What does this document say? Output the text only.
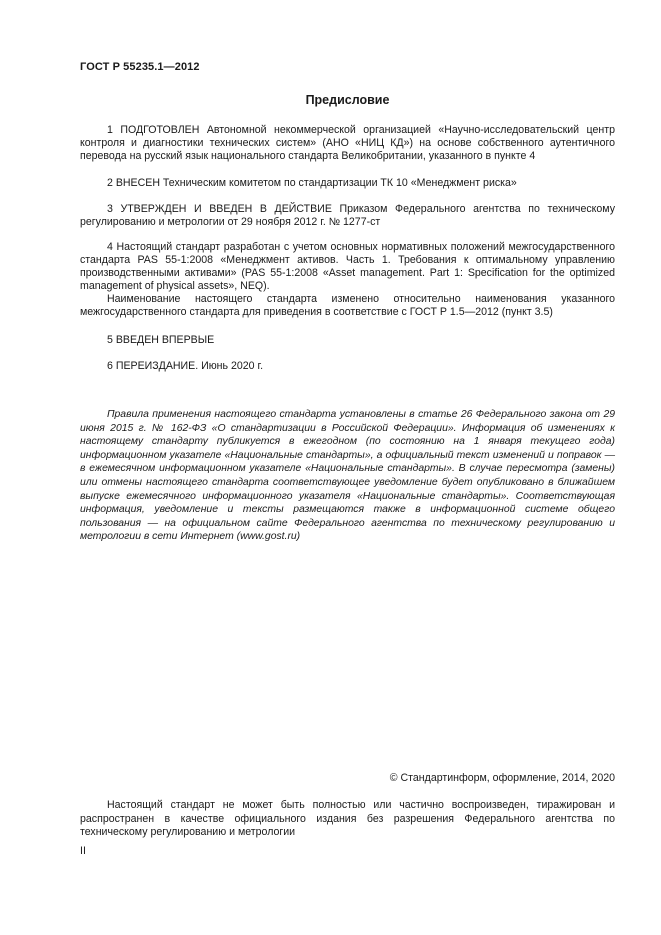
ГОСТ Р 55235.1—2012
Предисловие

1 ПОДГОТОВЛЕН Автономной некоммерческой организацией «Научно-исследовательский центр контроля и диагностики технических систем» (АНО «НИЦ КД») на основе собственного аутентичного перевода на русский язык национального стандарта Великобритании, указанного в пункте 4

2 ВНЕСЕН Техническим комитетом по стандартизации ТК 10 «Менеджмент риска»

3 УТВЕРЖДЕН И ВВЕДЕН В ДЕЙСТВИЕ Приказом Федерального агентства по техническому регулированию и метрологии от 29 ноября 2012 г. № 1277-ст

4 Настоящий стандарт разработан с учетом основных нормативных положений межгосударственного стандарта PAS 55-1:2008 «Менеджмент активов. Часть 1. Требования к оптимальному управлению производственными активами» (PAS 55-1:2008 «Asset management. Part 1: Specification for the optimized management of physical assets», NEQ).

Наименование настоящего стандарта изменено относительно наименования указанного межгосударственного стандарта для приведения в соответствие с ГОСТ Р 1.5—2012 (пункт 3.5)

5 ВВЕДЕН ВПЕРВЫЕ

6 ПЕРЕИЗДАНИЕ. Июнь 2020 г.

Правила применения настоящего стандарта установлены в статье 26 Федерального закона от 29 июня 2015 г. № 162-ФЗ «О стандартизации в Российской Федерации». Информация об изменениях к настоящему стандарту публикуется в ежегодном (по состоянию на 1 января текущего года) информационном указателе «Национальные стандарты», а официальный текст изменений и поправок — в ежемесячном информационном указателе «Национальные стандарты». В случае пересмотра (замены) или отмены настоящего стандарта соответствующее уведомление будет опубликовано в ближайшем выпуске ежемесячного информационного указателя «Национальные стандарты». Соответствующая информация, уведомление и тексты размещаются также в информационной системе общего пользования — на официальном сайте Федерального агентства по техническому регулированию и метрологии в сети Интернет (www.gost.ru)

© Стандартинформ, оформление, 2014, 2020

Настоящий стандарт не может быть полностью или частично воспроизведен, тиражирован и распространен в качестве официального издания без разрешения Федерального агентства по техническому регулированию и метрологии

II
